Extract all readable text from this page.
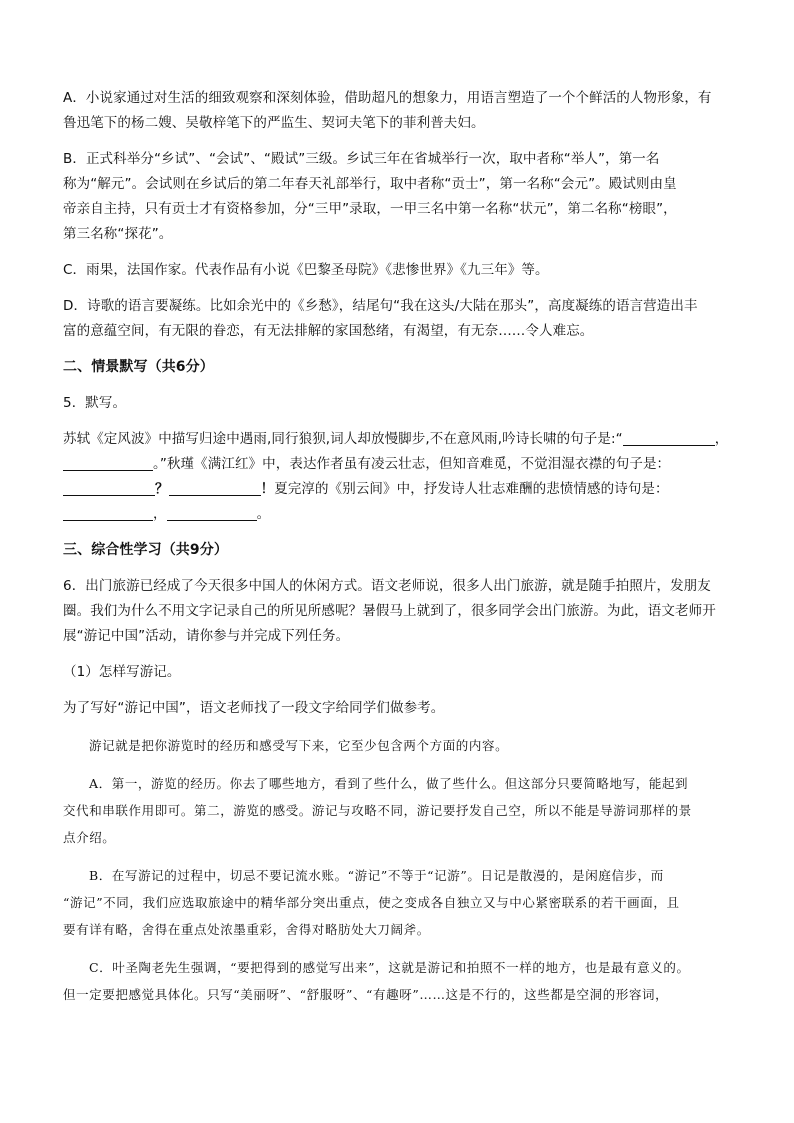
A．小说家通过对生活的细致观察和深刻体验，借助超凡的想象力，用语言塑造了一个个鲜活的人物形象，有

鲁迅笔下的杨二嫂、吴敬梓笔下的严监生、契诃夫笔下的菲利普夫妇。

B．正式科举分“乡试”、“会试”、“殿试”三级。乡试三年在省城举行一次，取中者称“举人”，第一名

称为“解元”。会试则在乡试后的第二年春天礼部举行，取中者称“贡士”，第一名称“会元”。殿试则由皇

帝亲自主持，只有贡士才有资格参加，分“三甲”录取，一甲三名中第一名称“状元”，第二名称“榜眼”，

第三名称“探花”。

C．雨果，法国作家。代表作品有小说《巴黎圣母院》《悲惨世界》《九三年》等。

D．诗歌的语言要凝练。比如余光中的《乡愁》，结尾句“我在这头/大陆在那头”，高度凝练的语言营造出丰

富的意蕴空间，有无限的眷恋，有无法排解的家国愁绪，有渴望，有无奈……令人难忘。

二、情景默写（共6分）

5．默写。

苏轼《定风波》中描写归途中遇雨,同行狼狈,词人却放慢脚步,不在意风雨,吟诗长啸的句子是:“	，

。”秋瑾《满江红》中，表达作者虽有凌云壮志，但知音难觅，不觉泪湿衣襟的句子是：

？	！夏完淳的《别云间》中，抒发诗人壮志难酬的悲愤情感的诗句是：

，	。

三、综合性学习（共9分）

6．出门旅游已经成了今天很多中国人的休闲方式。语文老师说，很多人出门旅游，就是随手拍照片，发朋友

圈。我们为什么不用文字记录自己的所见所感呢？暑假马上就到了，很多同学会出门旅游。为此，语文老师开

展“游记中国”活动，请你参与并完成下列任务。

（1）怎样写游记。

为了写好“游记中国”，语文老师找了一段文字给同学们做参考。

游记就是把你游览时的经历和感受写下来，它至少包含两个方面的内容。

A．第一，游览的经历。你去了哪些地方，看到了些什么，做了些什么。但这部分只要简略地写，能起到

交代和串联作用即可。第二，游览的感受。游记与攻略不同，游记要抒发自己空，所以不能是导游词那样的景

点介绍。

B．在写游记的过程中，切忌不要记流水账。“游记”不等于“记游”。日记是散漫的，是闲庭信步，而

“游记”不同，我们应选取旅途中的精华部分突出重点，使之变成各自独立又与中心紧密联系的若干画面，且

要有详有略，舍得在重点处浓墨重彩，舍得对略肪处大刀阔斧。

C．叶圣陶老先生强调，“要把得到的感觉写出来”，这就是游记和拍照不一样的地方，也是最有意义的。

但一定要把感觉具体化。只写“美丽呀”、“舒服呀”、“有趣呀”……这是不行的，这些都是空洞的形容词，
